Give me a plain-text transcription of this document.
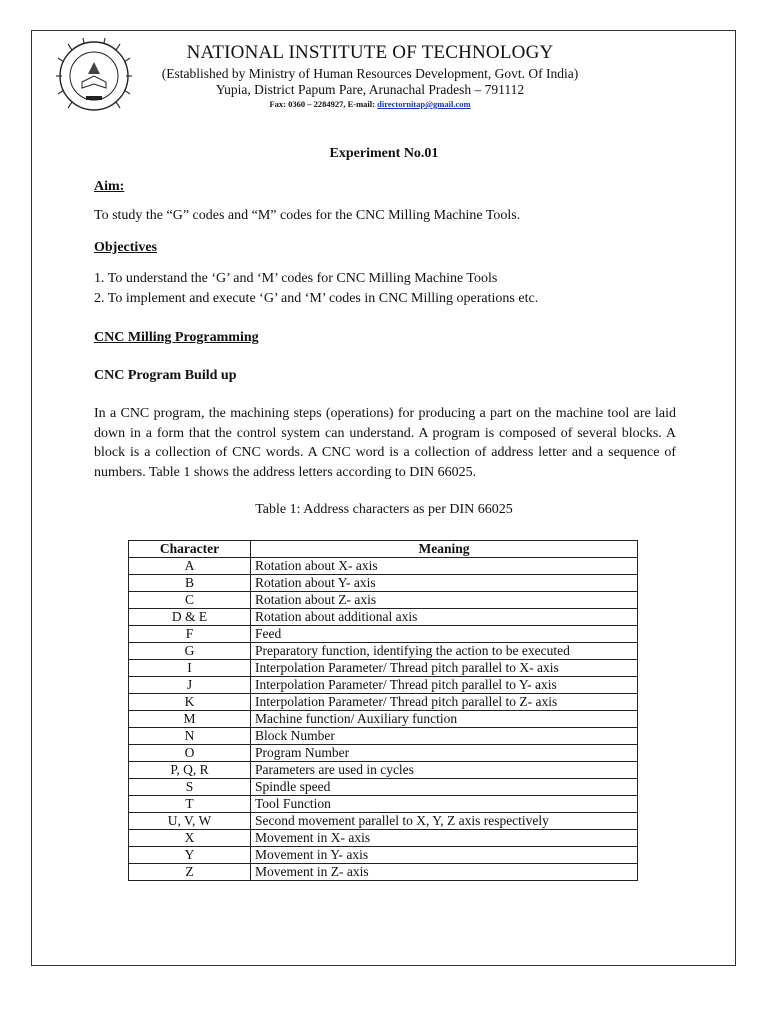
NATIONAL INSTITUTE OF TECHNOLOGY
(Established by Ministry of Human Resources Development, Govt. Of India)
Yupia, District Papum Pare, Arunachal Pradesh – 791112
Fax: 0360 – 2284927, E-mail: directornitap@gmail.com
Experiment No.01
Aim:
To study the “G” codes and “M” codes for the CNC Milling Machine Tools.
Objectives
1. To understand the ‘G’ and ‘M’ codes for CNC Milling Machine Tools
2. To implement and execute ‘G’ and ‘M’ codes in CNC Milling operations etc.
CNC Milling Programming
CNC Program Build up
In a CNC program, the machining steps (operations) for producing a part on the machine tool are laid down in a form that the control system can understand. A program is composed of several blocks. A block is a collection of CNC words. A CNC word is a collection of address letter and a sequence of numbers. Table 1 shows the address letters according to DIN 66025.
Table 1: Address characters as per DIN 66025
Character	Meaning
A	Rotation about X- axis
B	Rotation about Y- axis
C	Rotation about Z- axis
D & E	Rotation about additional axis
F	Feed
G	Preparatory function, identifying the action to be executed
I	Interpolation Parameter/ Thread pitch parallel to X- axis
J	Interpolation Parameter/ Thread pitch parallel to Y- axis
K	Interpolation Parameter/ Thread pitch parallel to Z- axis
M	Machine function/ Auxiliary function
N	Block Number
O	Program Number
P, Q, R	Parameters are used in cycles
S	Spindle speed
T	Tool Function
U, V, W	Second movement parallel to X, Y, Z axis respectively
X	Movement in X- axis
Y	Movement in Y- axis
Z	Movement in Z- axis
